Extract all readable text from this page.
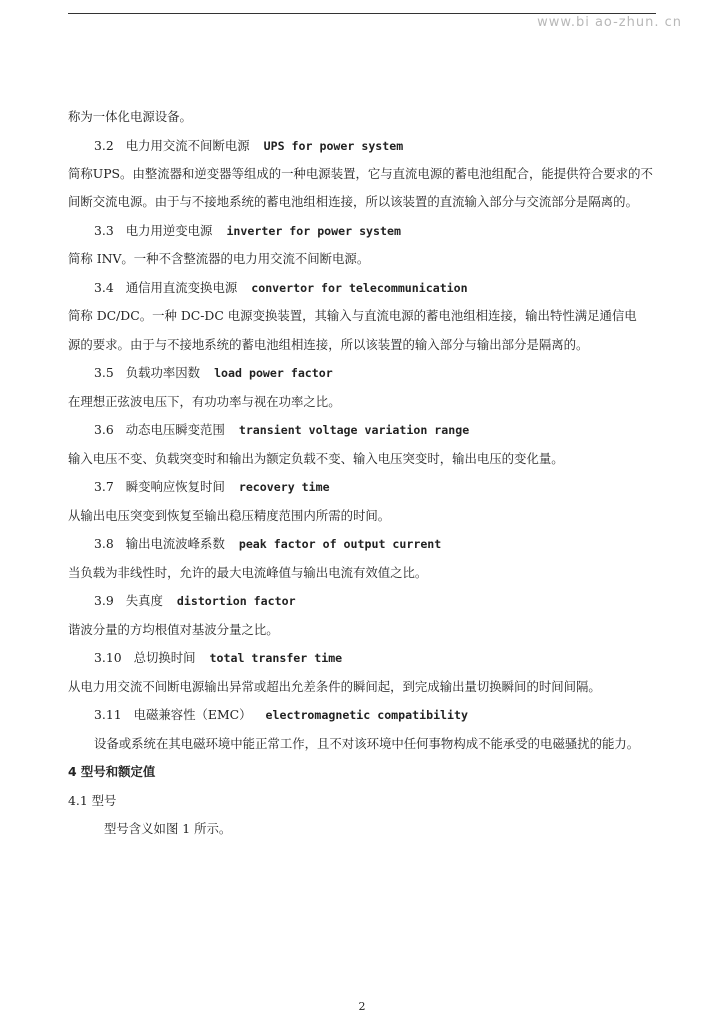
www.bi ao-zhun. cn
称为一体化电源设备。
3.2 电力用交流不间断电源 UPS for power system
简称UPS。由整流器和逆变器等组成的一种电源装置，它与直流电源的蓄电池组配合，能提供符合要求的不
间断交流电源。由于与不接地系统的蓄电池组相连接，所以该装置的直流输入部分与交流部分是隔离的。
3.3 电力用逆变电源 inverter for power system
简称 INV。一种不含整流器的电力用交流不间断电源。
3.4 通信用直流变换电源 convertor for telecommunication
简称 DC/DC。一种 DC-DC 电源变换装置，其输入与直流电源的蓄电池组相连接，输出特性满足通信电
源的要求。由于与不接地系统的蓄电池组相连接，所以该装置的输入部分与输出部分是隔离的。
3.5 负载功率因数 load power factor
在理想正弦波电压下，有功功率与视在功率之比。
3.6 动态电压瞬变范围 transient voltage variation range
输入电压不变、负载突变时和输出为额定负载不变、输入电压突变时，输出电压的变化量。
3.7 瞬变响应恢复时间 recovery time
从输出电压突变到恢复至输出稳压精度范围内所需的时间。
3.8 输出电流波峰系数 peak factor of output current
当负载为非线性时，允许的最大电流峰值与输出电流有效值之比。
3.9 失真度 distortion factor
谐波分量的方均根值对基波分量之比。
3.10 总切换时间 total transfer time
从电力用交流不间断电源输出异常或超出允差条件的瞬间起，到完成输出量切换瞬间的时间间隔。
3.11 电磁兼容性（EMC） electromagnetic compatibility
设备或系统在其电磁环境中能正常工作，且不对该环境中任何事物构成不能承受的电磁骚扰的能力。
4 型号和额定值
4.1 型号
型号含义如图 1 所示。
2
